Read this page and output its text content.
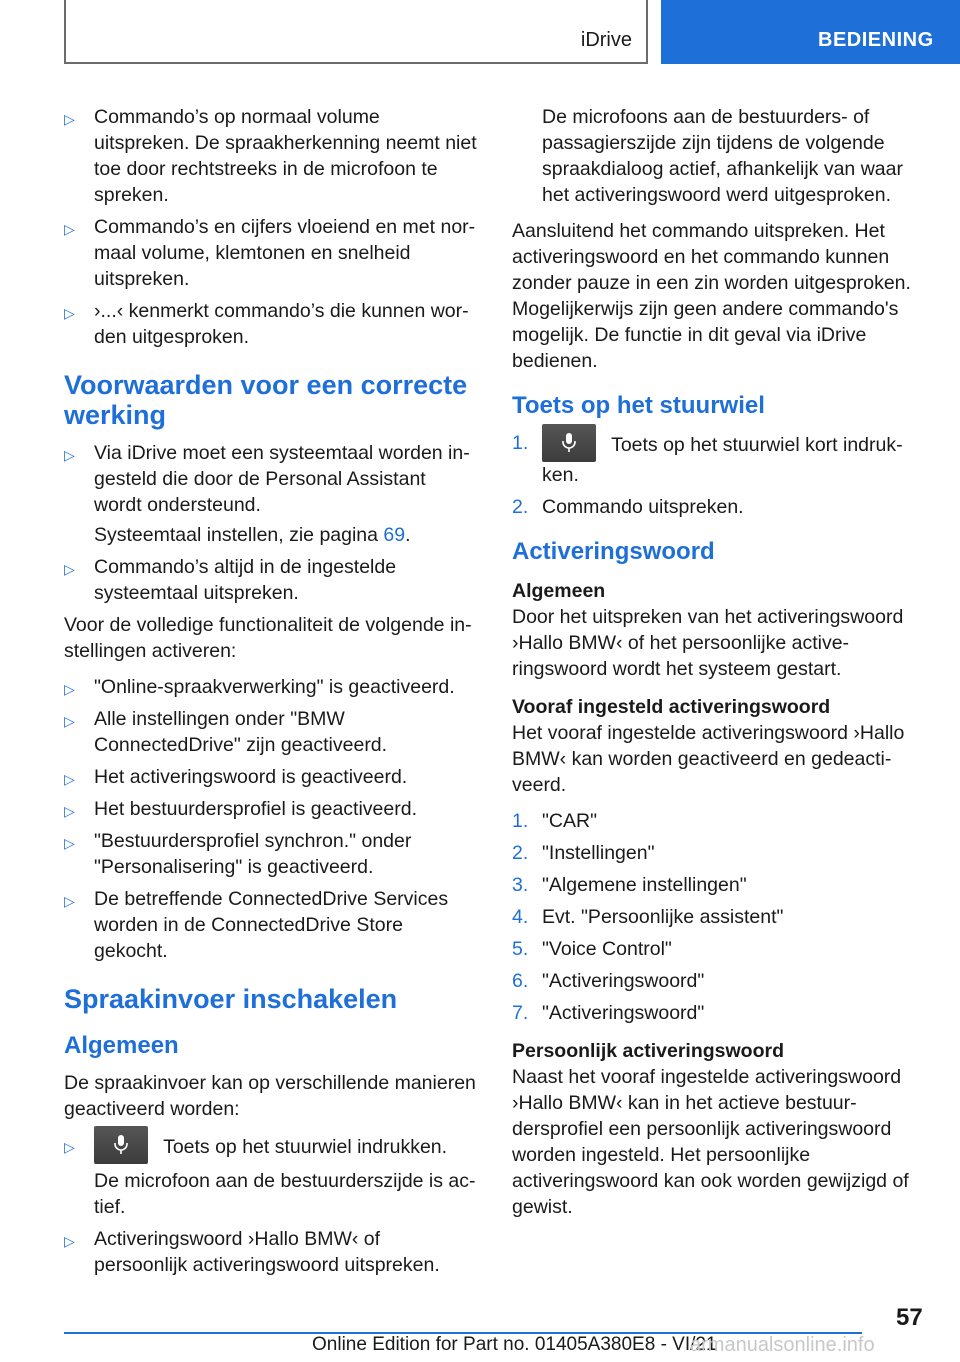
iDrive	BEDIENING
▷ Commando’s op normaal volume uitspreken. De spraakherkenning neemt niet toe door rechtstreeks in de microfoon te spreken.
▷ Commando’s en cijfers vloeiend en met normaal volume, klemtonen en snelheid uitspreken.
▷ ›...‹ kenmerkt commando’s die kunnen worden uitgesproken.
Voorwaarden voor een correcte werking
▷ Via iDrive moet een systeemtaal worden ingesteld die door de Personal Assistant wordt ondersteund.
Systeemtaal instellen, zie pagina 69.
▷ Commando’s altijd in de ingestelde systeemtaal uitspreken.

Voor de volledige functionaliteit de volgende instellingen activeren:

▷ "Online-spraakverwerking" is geactiveerd.
▷ Alle instellingen onder "BMW ConnectedDrive" zijn geactiveerd.
▷ Het activeringswoord is geactiveerd.
▷ Het bestuurdersprofiel is geactiveerd.
▷ "Bestuurdersprofiel synchron." onder "Personalisering" is geactiveerd.
▷ De betreffende ConnectedDrive Services worden in de ConnectedDrive Store gekocht.
Spraakinvoer inschakelen
Algemeen

De spraakinvoer kan op verschillende manieren geactiveerd worden:

▷	Toets op het stuurwiel indrukken.
De microfoon aan de bestuurderszijde is actief.
▷ Activeringswoord ›Hallo BMW‹ of persoonlijk activeringswoord uitspreken.

De microfoons aan de bestuurders- of passagierszijde zijn tijdens de volgende spraakdialoog actief, afhankelijk van waar het activeringswoord werd uitgesproken.

Aansluitend het commando uitspreken. Het activeringswoord en het commando kunnen zonder pauze in een zin worden uitgesproken. Mogelijkerwijs zijn geen andere commando's mogelijk. De functie in dit geval via iDrive bedienen.

Toets op het stuurwiel
1.	Toets op het stuurwiel kort indrukken.
2. Commando uitspreken.
Activeringswoord
Algemeen

Door het uitspreken van het activeringswoord ›Hallo BMW‹ of het persoonlijke activeringswoord wordt het systeem gestart.

Vooraf ingesteld activeringswoord

Het vooraf ingestelde activeringswoord ›Hallo BMW‹ kan worden geactiveerd en gedeactiveerd.

1. "CAR"
2. "Instellingen"
3. "Algemene instellingen"
4. Evt. "Persoonlijke assistent"
5. "Voice Control"
6. "Activeringswoord"
7. "Activeringswoord"
Persoonlijk activeringswoord

Naast het vooraf ingestelde activeringswoord ›Hallo BMW‹ kan in het actieve bestuurdersprofiel een persoonlijk activeringswoord worden ingesteld. Het persoonlijke activeringswoord kan ook worden gewijzigd of gewist.

57
Online Edition for Part no. 01405A380E8 - VI/21
armanualsonline.info
